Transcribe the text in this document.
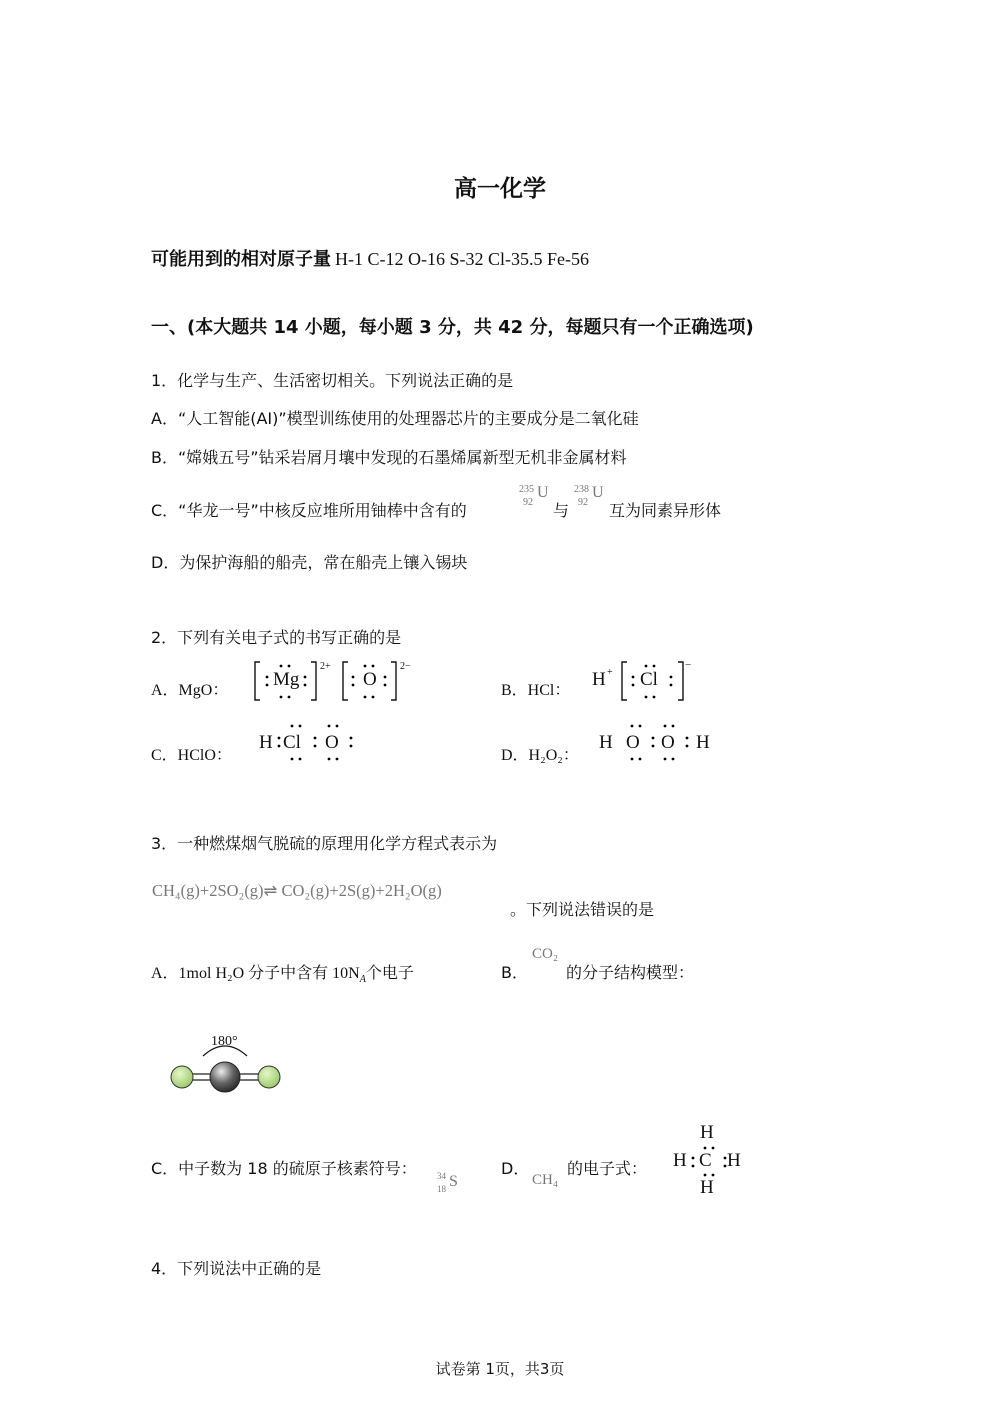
高一化学
可能用到的相对原子量 H-1 C-12 O-16 S-32 Cl-35.5 Fe-56
一、(本大题共 14 小题，每小题 3 分，共 42 分，每题只有一个正确选项)
1．化学与生产、生活密切相关。下列说法正确的是
A．“人工智能(AI)”模型训练使用的处理器芯片的主要成分是二氧化硅
B．“嫦娥五号”钻采岩屑月壤中发现的石墨烯属新型无机非金属材料
C．“华龙一号”中核反应堆所用铀棒中含有的
235
92
U
与
238
92
U
互为同素异形体
D．为保护海船的船壳，常在船壳上镶入锡块
2．下列有关电子式的书写正确的是
A．MgO：
Mg
2+
O
2−
B．HCl：
H + Cl
−
C．HClO：
H Cl O
D．H₂O₂：
H O O H
3．一种燃煤烟气脱硫的原理用化学方程式表示为
CH₄(g)+2SO₂(g)⇌ CO₂(g)+2S(g)+2H₂O(g)
。下列说法错误的是
A．1mol H₂O 分子中含有 $10N_A$个电子	B．
CO₂
的分子结构模型：
180°
C．中子数为 18 的硫原子核素符号： 34
18 S
D．
CH₄
的电子式：
H
H C H
H
4．下列说法中正确的是
试卷第 1页，共3页
